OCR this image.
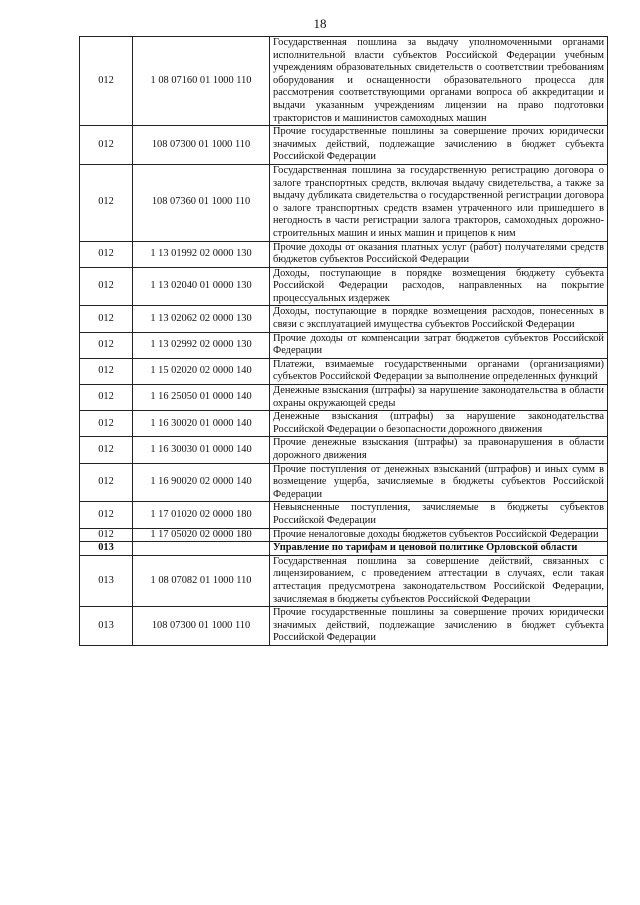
18
012	1 08 07160 01 1000 110	Государственная пошлина за выдачу уполномоченными органами исполнительной власти субъектов Российской Федерации учебным учреждениям образовательных свидетельств о соответствии требованиям оборудования и оснащенности образовательного процесса для рассмотрения соответствующими органами вопроса об аккредитации и выдачи указанным учреждениям лицензии на право подготовки трактористов и машинистов самоходных машин
012	108 07300 01 1000 110	Прочие государственные пошлины за совершение прочих юридически значимых действий, подлежащие зачислению в бюджет субъекта Российской Федерации
012	108 07360 01 1000 110	Государственная пошлина за государственную регистрацию договора о залоге транспортных средств, включая выдачу свидетельства, а также за выдачу дубликата свидетельства о государственной регистрации договора о залоге транспортных средств взамен утраченного или пришедшего в негодность в части регистрации залога тракторов, самоходных дорожно-строительных машин и иных машин и прицепов к ним
012	1 13 01992 02 0000 130	Прочие доходы от оказания платных услуг (работ) получателями средств бюджетов субъектов Российской Федерации
012	1 13 02040 01 0000 130	Доходы, поступающие в порядке возмещения бюджету субъекта Российской Федерации расходов, направленных на покрытие процессуальных издержек
012	1 13 02062 02 0000 130	Доходы, поступающие в порядке возмещения расходов, понесенных в связи с эксплуатацией имущества субъектов Российской Федерации
012	1 13 02992 02 0000 130	Прочие доходы от компенсации затрат бюджетов субъектов Российской Федерации
012	1 15 02020 02 0000 140	Платежи, взимаемые государственными органами (организациями) субъектов Российской Федерации за выполнение определенных функций
012	1 16 25050 01 0000 140	Денежные взыскания (штрафы) за нарушение законодательства в области охраны окружающей среды
012	1 16 30020 01 0000 140	Денежные взыскания (штрафы) за нарушение законодательства Российской Федерации о безопасности дорожного движения
012	1 16 30030 01 0000 140	Прочие денежные взыскания (штрафы) за правонарушения в области дорожного движения
012	1 16 90020 02 0000 140	Прочие поступления от денежных взысканий (штрафов) и иных сумм в возмещение ущерба, зачисляемые в бюджеты субъектов Российской Федерации
012	1 17 01020 02 0000 180	Невыясненные поступления, зачисляемые в бюджеты субъектов Российской Федерации
012	1 17 05020 02 0000 180	Прочие неналоговые доходы бюджетов субъектов Российской Федерации
013		Управление по тарифам и ценовой политике Орловской области
013	1 08 07082 01 1000 110	Государственная пошлина за совершение действий, связанных с лицензированием, с проведением аттестации в случаях, если такая аттестация предусмотрена законодательством Российской Федерации, зачисляемая в бюджеты субъектов Российской Федерации
013	108 07300 01 1000 110	Прочие государственные пошлины за совершение прочих юридически значимых действий, подлежащие зачислению в бюджет субъекта Российской Федерации
